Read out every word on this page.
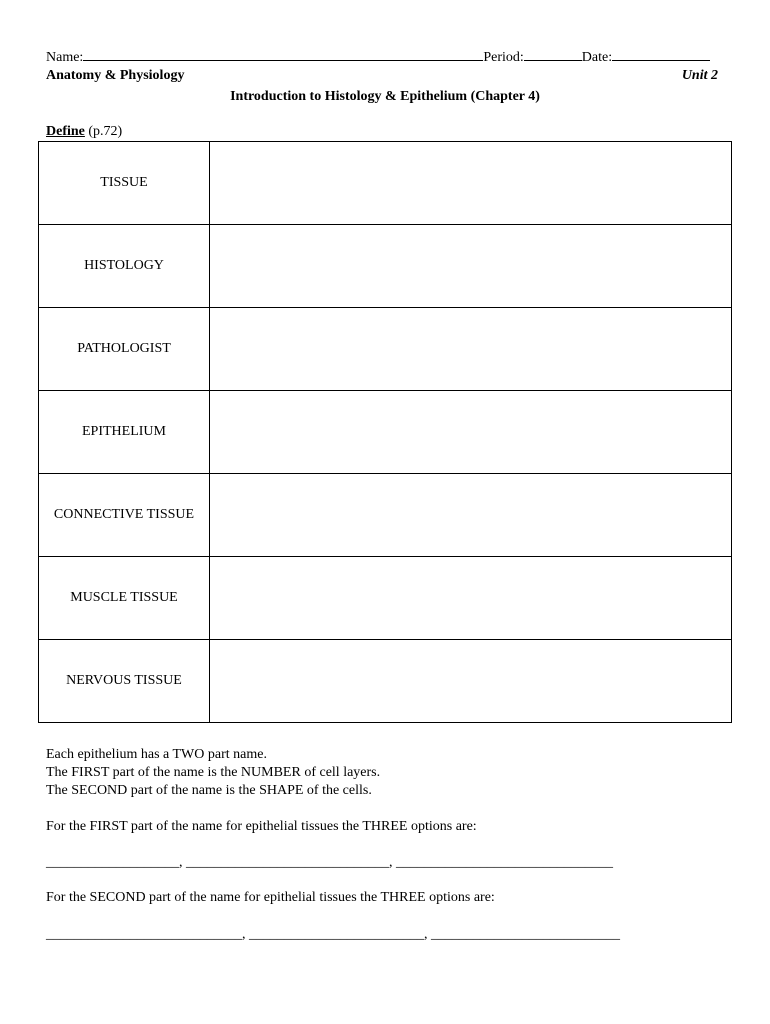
Name:	Period:	Date:
Anatomy & Physiology	Unit 2
Introduction to Histology & Epithelium (Chapter 4)
Define (p.72)
TISSUE	
HISTOLOGY	
PATHOLOGIST	
EPITHELIUM	
CONNECTIVE TISSUE	
MUSCLE TISSUE	
NERVOUS TISSUE	
Each epithelium has a TWO part name.
The FIRST part of the name is the NUMBER of cell layers.
The SECOND part of the name is the SHAPE of the cells.
For the FIRST part of the name for epithelial tissues the THREE options are:
___________________, _____________________________, _______________________________
For the SECOND part of the name for epithelial tissues the THREE options are:
____________________________, _________________________, ___________________________
